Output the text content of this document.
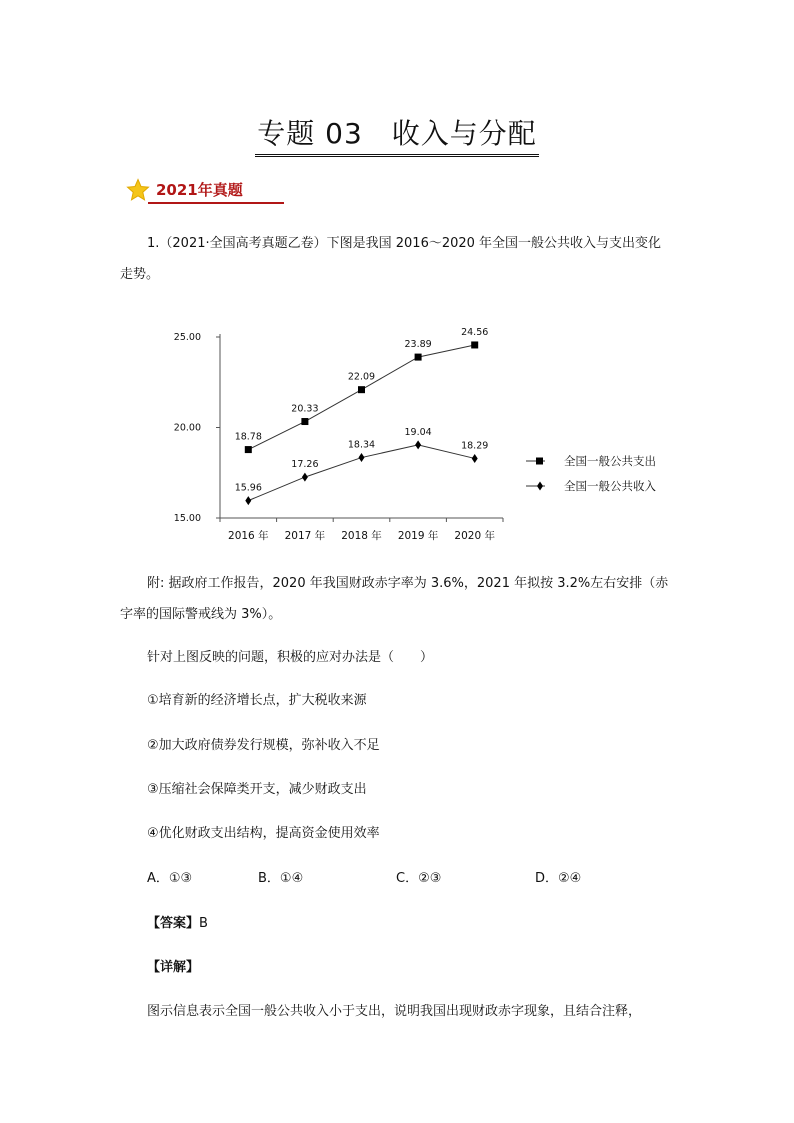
专题 03　收入与分配
2021年真题
1.（2021·全国高考真题乙卷）下图是我国 2016～2020 年全国一般公共收入与支出变化
走势。
15.00
20.00
25.00
2016 年 2017 年 2018 年 2019 年 2020 年
18.78
20.33
22.09
23.89
24.56
15.96
17.26
18.34
19.04
18.29
全国一般公共支出
全国一般公共收入
附: 据政府工作报告，2020 年我国财政赤字率为 3.6%，2021 年拟按 3.2%左右安排（赤
字率的国际警戒线为 3%）。
针对上图反映的问题，积极的应对办法是（　　）
①培育新的经济增长点，扩大税收来源
②加大政府债券发行规模，弥补收入不足
③压缩社会保障类开支，减少财政支出
④优化财政支出结构，提高资金使用效率
A．①③	B．①④	C．②③	D．②④
【答案】B
【详解】
图示信息表示全国一般公共收入小于支出，说明我国出现财政赤字现象，且结合注释，
